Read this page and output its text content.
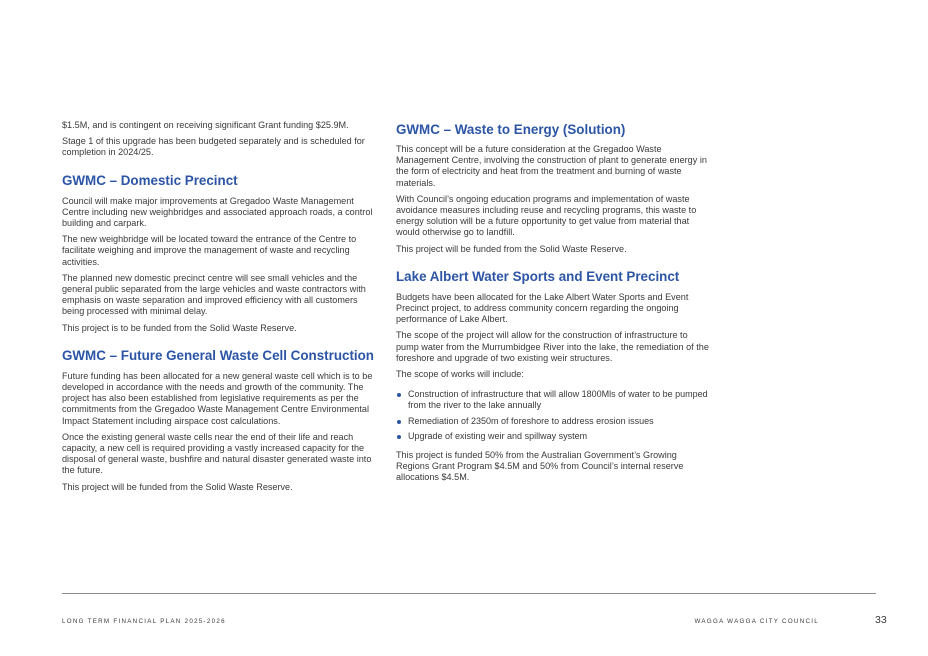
$1.5M, and is contingent on receiving significant Grant funding $25.9M.

Stage 1 of this upgrade has been budgeted separately and is scheduled for completion in 2024/25.

GWMC – Domestic Precinct

Council will make major improvements at Gregadoo Waste Management Centre including new weighbridges and associated approach roads, a control building and carpark.

The new weighbridge will be located toward the entrance of the Centre to facilitate weighing and improve the management of waste and recycling activities.

The planned new domestic precinct centre will see small vehicles and the general public separated from the large vehicles and waste contractors with emphasis on waste separation and improved efficiency with all customers being processed with minimal delay.

This project is to be funded from the Solid Waste Reserve.

GWMC – Future General Waste Cell Construction

Future funding has been allocated for a new general waste cell which is to be developed in accordance with the needs and growth of the community. The project has also been established from legislative requirements as per the commitments from the Gregadoo Waste Management Centre Environmental Impact Statement including airspace cost calculations.

Once the existing general waste cells near the end of their life and reach capacity, a new cell is required providing a vastly increased capacity for the disposal of general waste, bushfire and natural disaster generated waste into the future.

This project will be funded from the Solid Waste Reserve.

GWMC – Waste to Energy (Solution)

This concept will be a future consideration at the Gregadoo Waste Management Centre, involving the construction of plant to generate energy in the form of electricity and heat from the treatment and burning of waste materials.

With Council’s ongoing education programs and implementation of waste avoidance measures including reuse and recycling programs, this waste to energy solution will be a future opportunity to get value from material that would otherwise go to landfill.

This project will be funded from the Solid Waste Reserve.

Lake Albert Water Sports and Event Precinct

Budgets have been allocated for the Lake Albert Water Sports and Event Precinct project, to address community concern regarding the ongoing performance of Lake Albert.

The scope of the project will allow for the construction of infrastructure to pump water from the Murrumbidgee River into the lake, the remediation of the foreshore and upgrade of two existing weir structures.

The scope of works will include:

Construction of infrastructure that will allow 1800Mls of water to be pumped from the river to the lake annually
Remediation of 2350m of foreshore to address erosion issues
Upgrade of existing weir and spillway system

This project is funded 50% from the Australian Government’s Growing Regions Grant Program $4.5M and 50% from Council’s internal reserve allocations $4.5M.

LONG TERM FINANCIAL PLAN 2025-2026	WAGGA WAGGA CITY COUNCIL	33
